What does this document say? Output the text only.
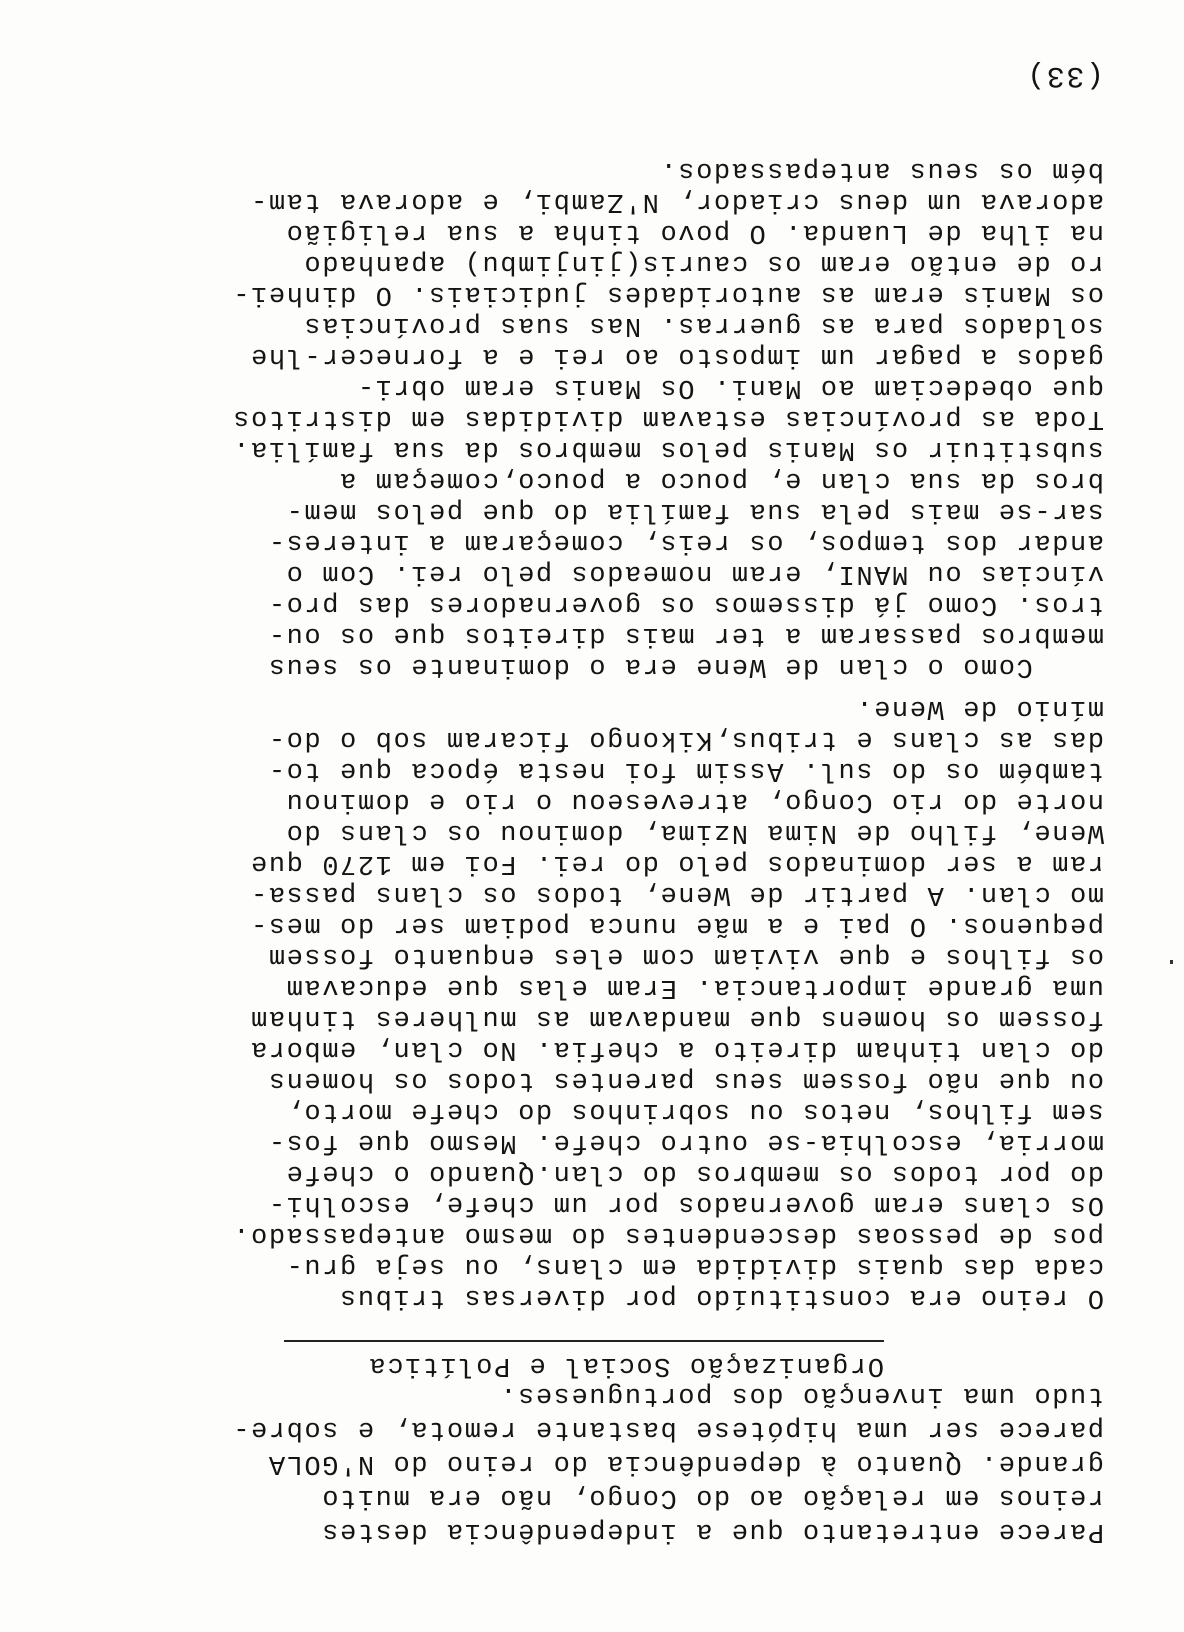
Parece entretanto que a independência destes
reinos em relação ao do Congo, não era muito
grande. Quanto à dependência do reino do N'GOLA
parece ser uma hipótese bastante remota, e sobre-
tudo uma invenção dos portugueses.
Organização Social e Política
O reino era constituído por diversas tribus
cada das quais dividida em clans, ou seja gru-
pos de pessoas descendentes do mesmo antepassado.
Os clans eram governados por um chefe, escolhi-
do por todos os membros do clan.Quando o chefe
morria, escolhia-se outro chefe. Mesmo que fos-
sem filhos, netos ou sobrinhos do chefe morto,
ou que não fossem seus parentes todos os homens
do clan tinham direito a chefia. No clan, embora
fossem os homens que mandavam as mulheres tinham
uma grande importancia. Eram elas que educavam
os filhos e que viviam com eles enquanto fossem
pequenos. O pai e a mãe nunca podiam ser do mes-
mo clan. A partir de Wene, todos os clans passa-
ram a ser dominados pelo do rei. Foi em 1270 que
Wene, filho de Nima Nzima, dominou os clans do
norte do rio Congo, atreveseou o rio e dominou
também os do sul. Assim foi nesta época que to-
das as clans e tribus,Kikongo ficaram sob o do-
mínio de Wene.
Como o clan de Wene era o dominante os seus
membros passaram a ter mais direitos que os ou-
tros. Como já dissemos os governadores das pro-
víncias ou MANI, eram nomeados pelo rei. Com o
andar dos tempos, os reis, começaram a interes-
sar-se mais pela sua família do que pelos mem-
bros da sua clan e, pouco a pouco,começam a
substituir os Manis pelos membros da sua família.
Toda as províncias estavam divididas em distritos
que obedeciam ao Mani. Os Manis eram obri-
gados a pagar um imposto ao rei e a fornecer-lhe
soldados para as guerras. Nas suas províncias
os Manis eram as autoridades judiciais. O dinhei-
ro de então eram os cauris(jinjimbu) apanhado
na ilha de Luanda. O povo tinha a sua religião
adorava um deus criador, N'Zambi, e adorava tam-
bém os seus antepassados.
(33)
